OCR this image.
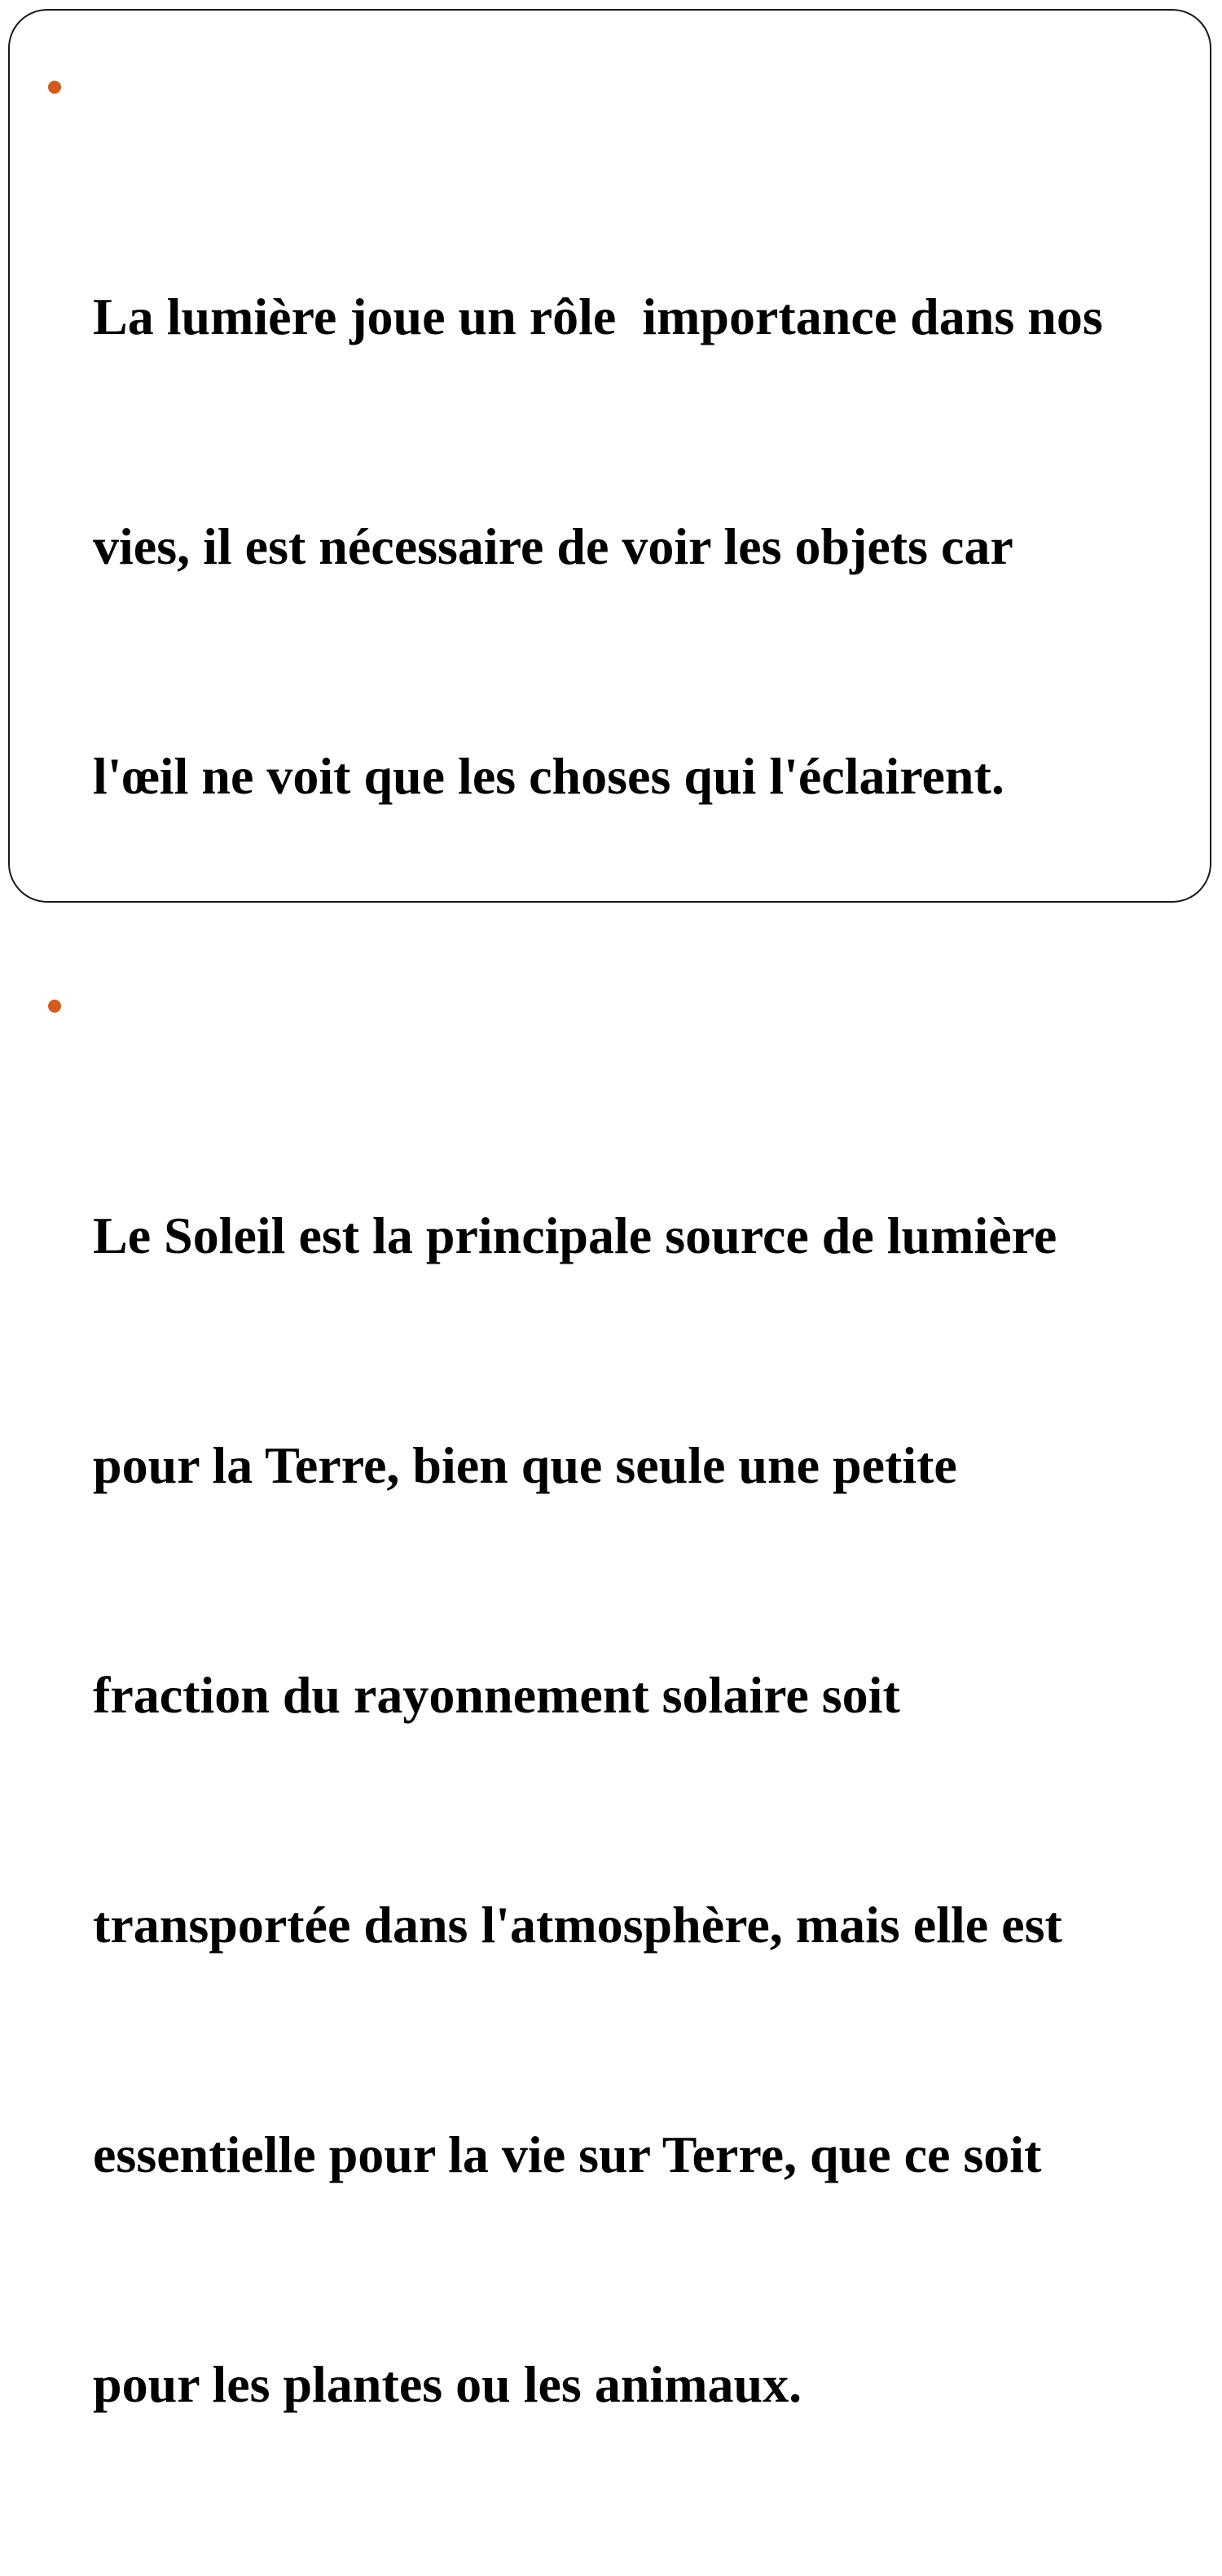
La lumière joue un rôle  importance dans nos

vies, il est nécessaire de voir les objets car

l'œil ne voit que les choses qui l'éclairent.

Le Soleil est la principale source de lumière

pour la Terre, bien que seule une petite

fraction du rayonnement solaire soit

transportée dans l'atmosphère, mais elle est

essentielle pour la vie sur Terre, que ce soit

pour les plantes ou les animaux.
